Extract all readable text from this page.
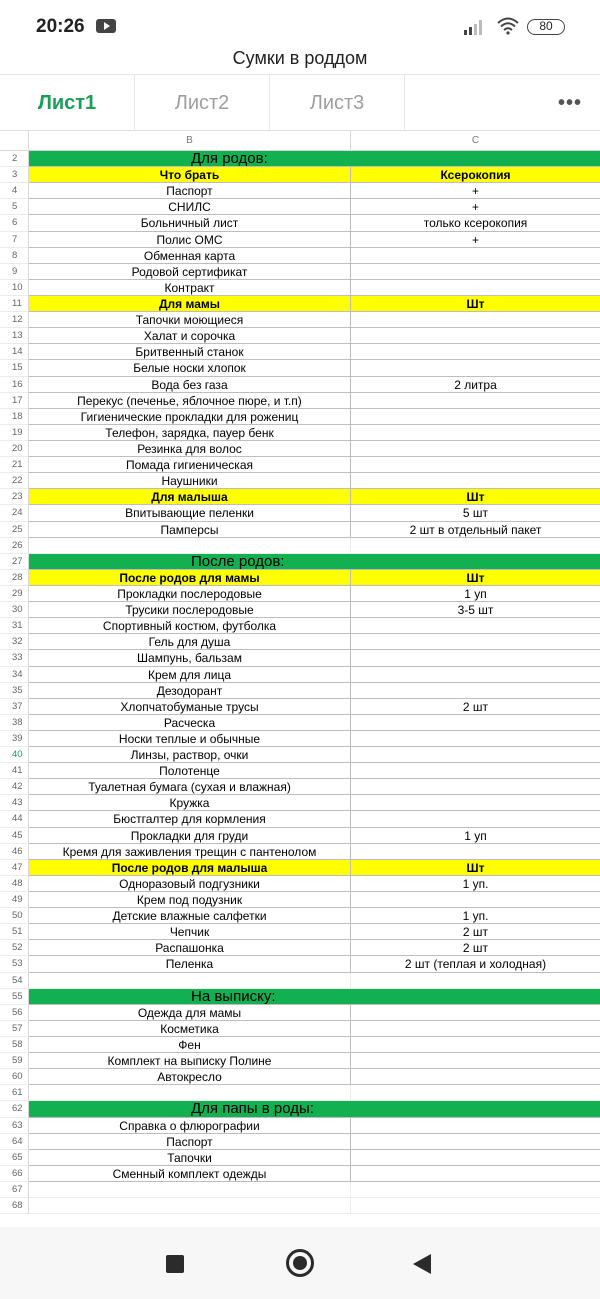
20:26	80
Сумки в роддом
Лист1	Лист2	Лист3	•••
B	C
2	Для родов:
3	Что брать	Ксерокопия
4	Паспорт	+
5	СНИЛС	+
6	Больничный лист	только ксерокопия
7	Полис ОМС	+
8	Обменная карта
9	Родовой сертификат
10	Контракт
11	Для мамы	Шт
12	Тапочки моющиеся
13	Халат и сорочка
14	Бритвенный станок
15	Белые носки хлопок
16	Вода без газа	2 литра
17	Перекус (печенье, яблочное пюре, и т.п)
18	Гигиенические прокладки для рожениц
19	Телефон, зарядка, пауер бенк
20	Резинка для волос
21	Помада гигиеническая
22	Наушники
23	Для малыша	Шт
24	Впитывающие пеленки	5 шт
25	Памперсы	2 шт в отдельный пакет
26
27	После родов:
28	После родов для мамы	Шт
29	Прокладки послеродовые	1 уп
30	Трусики послеродовые	3-5 шт
31	Спортивный костюм, футболка
32	Гель для душа
33	Шампунь, бальзам
34	Крем для лица
35	Дезодорант
37	Хлопчатобуманые трусы	2 шт
38	Расческа
39	Носки теплые и обычные
40	Линзы, раствор, очки
41	Полотенце
42	Туалетная бумага (сухая и влажная)
43	Кружка
44	Бюстгалтер для кормления
45	Прокладки для груди	1 уп
46	Кремя для заживления трещин с пантенолом
47	После родов для малыша	Шт
48	Одноразовый подгузники	1 уп.
49	Крем под подузник
50	Детские влажные салфетки	1 уп.
51	Чепчик	2 шт
52	Распашонка	2 шт
53	Пеленка	2 шт (теплая и холодная)
54
55	На выписку:
56	Одежда для мамы
57	Косметика
58	Фен
59	Комплект на выписку Полине
60	Автокресло
61
62	Для папы в роды:
63	Справка о флюрографии
64	Паспорт
65	Тапочки
66	Сменный комплект одежды
67
68
